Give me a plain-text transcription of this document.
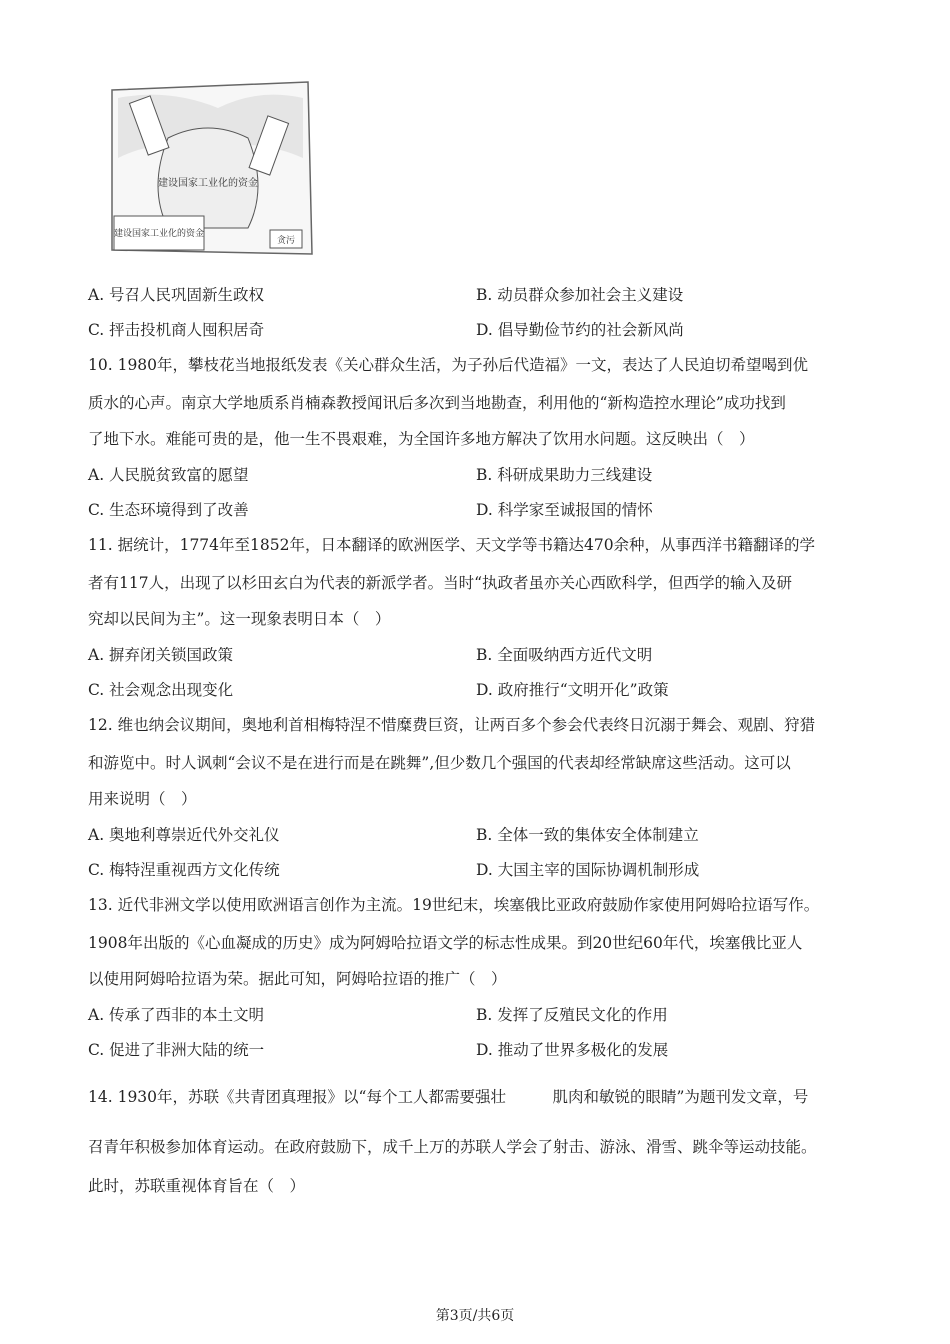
建设国家工业化的资金
建设国家工业化的资金
贪污
A. 号召人民巩固新生政权	B. 动员群众参加社会主义建设
C. 抨击投机商人囤积居奇	D. 倡导勤俭节约的社会新风尚
10. 1980年，攀枝花当地报纸发表《关心群众生活，为子孙后代造福》一文，表达了人民迫切希望喝到优
质水的心声。南京大学地质系肖楠森教授闻讯后多次到当地勘查，利用他的“新构造控水理论”成功找到
了地下水。难能可贵的是，他一生不畏艰难，为全国许多地方解决了饮用水问题。这反映出（　）
A. 人民脱贫致富的愿望	B. 科研成果助力三线建设
C. 生态环境得到了改善	D. 科学家至诚报国的情怀
11. 据统计，1774年至1852年，日本翻译的欧洲医学、天文学等书籍达470余种，从事西洋书籍翻译的学
者有117人，出现了以杉田玄白为代表的新派学者。当时“执政者虽亦关心西欧科学，但西学的输入及研
究却以民间为主”。这一现象表明日本（　）
A. 摒弃闭关锁国政策	B. 全面吸纳西方近代文明
C. 社会观念出现变化	D. 政府推行“文明开化”政策
12. 维也纳会议期间，奥地利首相梅特涅不惜糜费巨资，让两百多个参会代表终日沉溺于舞会、观剧、狩猎
和游览中。时人讽刺“会议不是在进行而是在跳舞”,但少数几个强国的代表却经常缺席这些活动。这可以
用来说明（　）
A. 奥地利尊崇近代外交礼仪	B. 全体一致的集体安全体制建立
C. 梅特涅重视西方文化传统	D. 大国主宰的国际协调机制形成
13. 近代非洲文学以使用欧洲语言创作为主流。19世纪末，埃塞俄比亚政府鼓励作家使用阿姆哈拉语写作。
1908年出版的《心血凝成的历史》成为阿姆哈拉语文学的标志性成果。到20世纪60年代，埃塞俄比亚人
以使用阿姆哈拉语为荣。据此可知，阿姆哈拉语的推广（　）
A. 传承了西非的本土文明	B. 发挥了反殖民文化的作用
C. 促进了非洲大陆的统一	D. 推动了世界多极化的发展
14. 1930年，苏联《共青团真理报》以“每个工人都需要强壮　　　肌肉和敏锐的眼睛”为题刊发文章，号
召青年积极参加体育运动。在政府鼓励下，成千上万的苏联人学会了射击、游泳、滑雪、跳伞等运动技能。
此时，苏联重视体育旨在（　）
第3页/共6页
